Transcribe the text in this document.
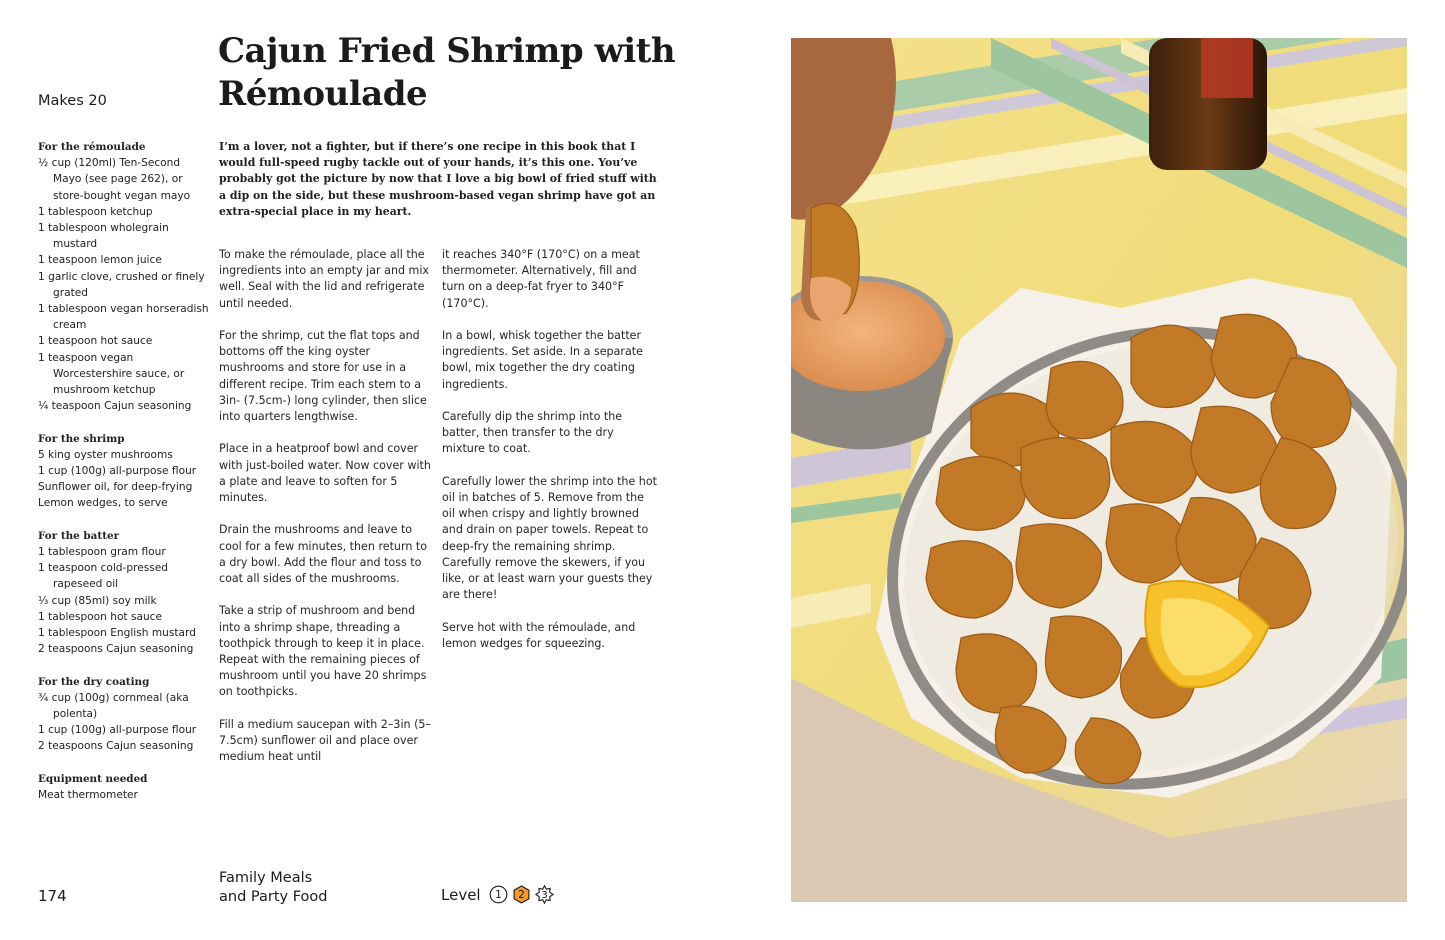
Cajun Fried Shrimp with Rémoulade
Makes 20
For the rémoulade
½ cup (120ml) Ten-Second Mayo (see page 262), or store-bought vegan mayo
1 tablespoon ketchup
1 tablespoon wholegrain mustard
1 teaspoon lemon juice
1 garlic clove, crushed or finely grated
1 tablespoon vegan horseradish cream
1 teaspoon hot sauce
1 teaspoon vegan Worcestershire sauce, or mushroom ketchup
¼ teaspoon Cajun seasoning
For the shrimp
5 king oyster mushrooms
1 cup (100g) all-purpose flour
Sunflower oil, for deep-frying
Lemon wedges, to serve
For the batter
1 tablespoon gram flour
1 teaspoon cold-pressed rapeseed oil
⅓ cup (85ml) soy milk
1 tablespoon hot sauce
1 tablespoon English mustard
2 teaspoons Cajun seasoning
For the dry coating
¾ cup (100g) cornmeal (aka polenta)
1 cup (100g) all-purpose flour
2 teaspoons Cajun seasoning
Equipment needed
Meat thermometer
I’m a lover, not a fighter, but if there’s one recipe in this book that I would full-speed rugby tackle out of your hands, it’s this one. You’ve probably got the picture by now that I love a big bowl of fried stuff with a dip on the side, but these mushroom-based vegan shrimp have got an extra-special place in my heart.

To make the rémoulade, place all the ingredients into an empty jar and mix well. Seal with the lid and refrigerate until needed.

For the shrimp, cut the flat tops and bottoms off the king oyster mushrooms and store for use in a different recipe. Trim each stem to a 3in- (7.5cm-) long cylinder, then slice into quarters lengthwise.

Place in a heatproof bowl and cover with just-boiled water. Now cover with a plate and leave to soften for 5 minutes.

Drain the mushrooms and leave to cool for a few minutes, then return to a dry bowl. Add the flour and toss to coat all sides of the mushrooms.

Take a strip of mushroom and bend into a shrimp shape, threading a toothpick through to keep it in place. Repeat with the remaining pieces of mushroom until you have 20 shrimps on toothpicks.

Fill a medium saucepan with 2–3in (5–7.5cm) sunflower oil and place over medium heat until

it reaches 340°F (170°C) on a meat thermometer. Alternatively, fill and turn on a deep-fat fryer to 340°F (170°C).

In a bowl, whisk together the batter ingredients. Set aside. In a separate bowl, mix together the dry coating ingredients.

Carefully dip the shrimp into the batter, then transfer to the dry mixture to coat.

Carefully lower the shrimp into the hot oil in batches of 5. Remove from the oil when crispy and lightly browned and drain on paper towels. Repeat to deep-fry the remaining shrimp. Carefully remove the skewers, if you like, or at least warn your guests they are there!

Serve hot with the rémoulade, and lemon wedges for squeezing.

174
Family Meals
and Party Food	Level 1 2 3
